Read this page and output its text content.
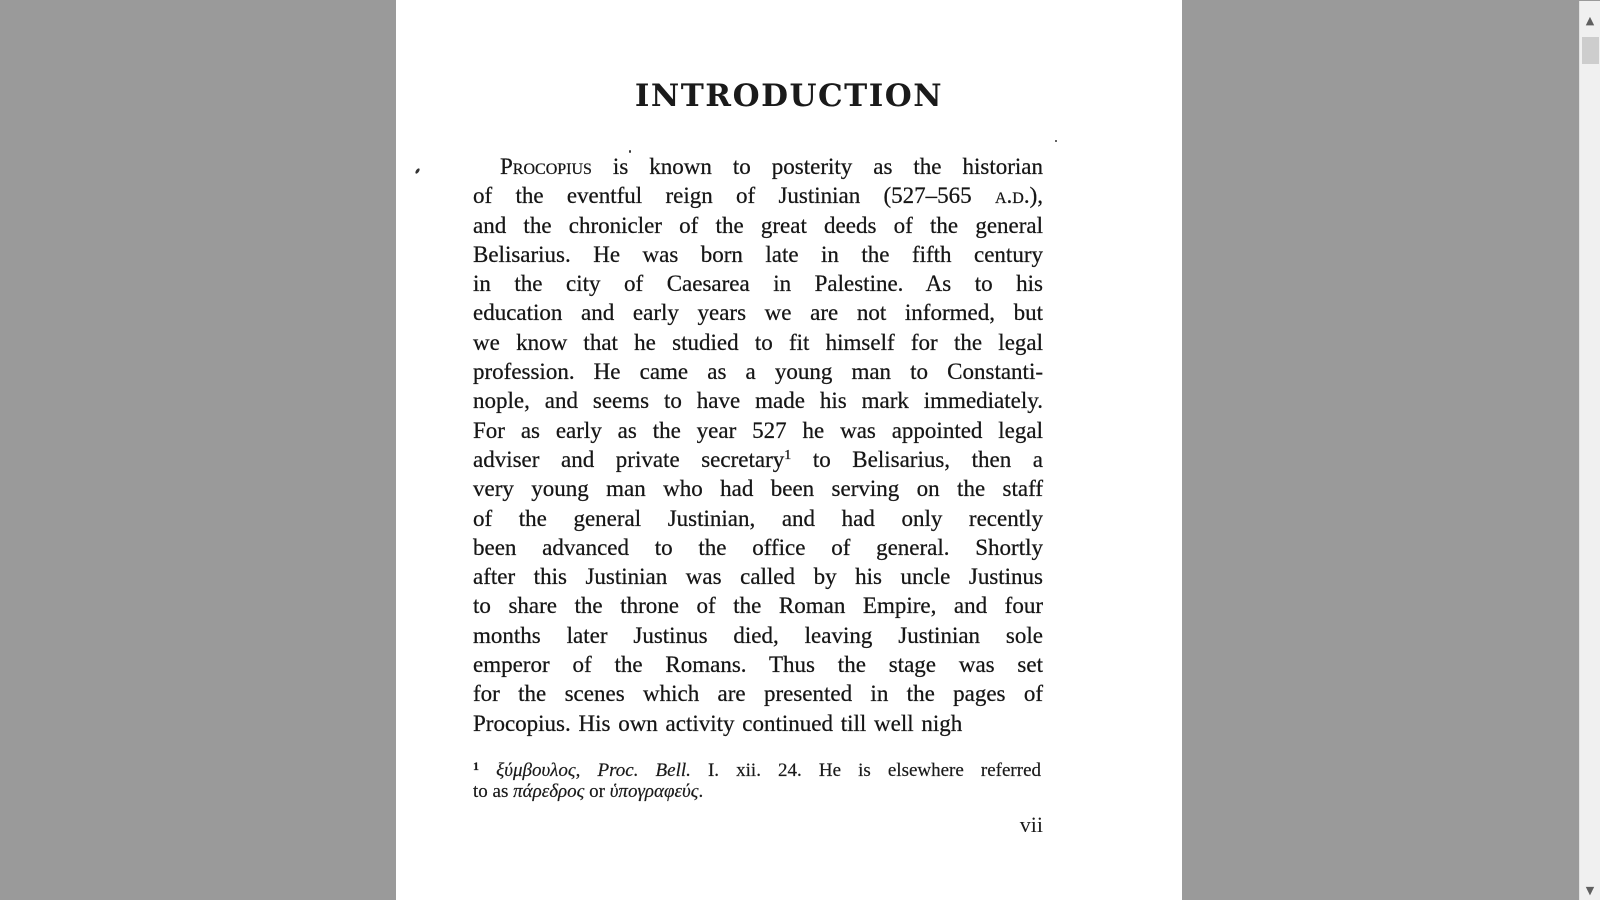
INTRODUCTION
Procopius is known to posterity as the historian
of the eventful reign of Justinian (527–565 a.d.),
and the chronicler of the great deeds of the general
Belisarius. He was born late in the fifth century
in the city of Caesarea in Palestine. As to his
education and early years we are not informed, but
we know that he studied to fit himself for the legal
profession. He came as a young man to Constanti-
nople, and seems to have made his mark immediately.
For as early as the year 527 he was appointed legal
adviser and private secretary$^1$ to Belisarius, then a
very young man who had been serving on the staff
of the general Justinian, and had only recently
been advanced to the office of general. Shortly
after this Justinian was called by his uncle Justinus
to share the throne of the Roman Empire, and four
months later Justinus died, leaving Justinian sole
emperor of the Romans. Thus the stage was set
for the scenes which are presented in the pages of
Procopius. His own activity continued till well nigh
$^1$ ξύμβουλος, Proc. Bell. I. xii. 24. He is elsewhere referred
to as πάρεδρος or ὑπογραφεύς.
vii
▲
▼
